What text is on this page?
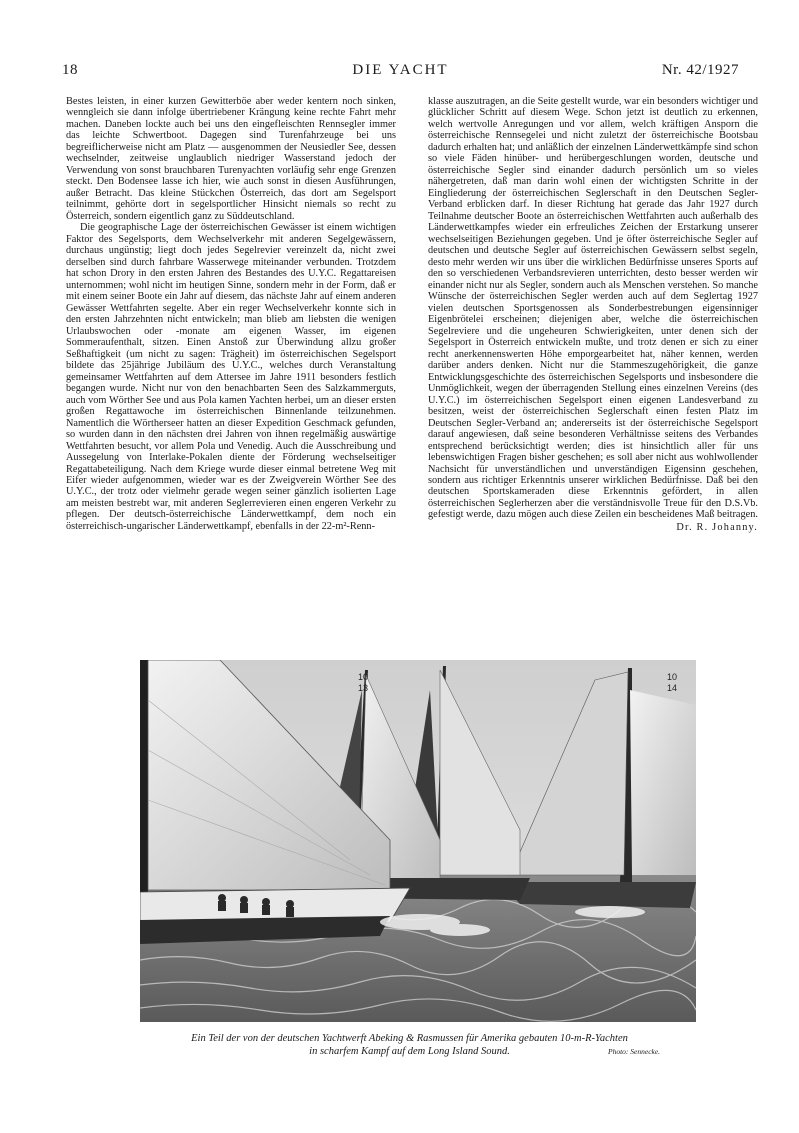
18	DIE YACHT	Nr. 42/1927

Bestes leisten, in einer kurzen Gewitterböe aber weder kentern noch sinken, wenngleich sie dann infolge übertriebener Krängung keine rechte Fahrt mehr machen. Daneben lockte auch bei uns den eingefleischten Rennsegler immer das leichte Schwertboot. Dagegen sind Turenfahrzeuge bei uns begreiflicherweise nicht am Platz — ausgenommen der Neusiedler See, dessen wechselnder, zeitweise unglaublich niedriger Wasserstand jedoch der Verwendung von sonst brauchbaren Turenyachten vorläufig sehr enge Grenzen steckt. Den Bodensee lasse ich hier, wie auch sonst in diesen Ausführungen, außer Betracht. Das kleine Stückchen Österreich, das dort am Segelsport teilnimmt, gehörte dort in segelsportlicher Hinsicht niemals so recht zu Österreich, sondern eigentlich ganz zu Süddeutschland.

Die geographische Lage der österreichischen Gewässer ist einem wichtigen Faktor des Segelsports, dem Wechselverkehr mit anderen Segelgewässern, durchaus ungünstig; liegt doch jedes Segelrevier vereinzelt da, nicht zwei derselben sind durch fahrbare Wasserwege miteinander verbunden. Trotzdem hat schon Drory in den ersten Jahren des Bestandes des U.Y.C. Regattareisen unternommen; wohl nicht im heutigen Sinne, sondern mehr in der Form, daß er mit einem seiner Boote ein Jahr auf diesem, das nächste Jahr auf einem anderen Gewässer Wettfahrten segelte. Aber ein reger Wechselverkehr konnte sich in den ersten Jahrzehnten nicht entwickeln; man blieb am liebsten die wenigen Urlaubswochen oder -monate am eigenen Wasser, im eigenen Sommeraufenthalt, sitzen. Einen Anstoß zur Überwindung allzu großer Seßhaftigkeit (um nicht zu sagen: Trägheit) im österreichischen Segelsport bildete das 25jährige Jubiläum des U.Y.C., welches durch Veranstaltung gemeinsamer Wettfahrten auf dem Attersee im Jahre 1911 besonders festlich begangen wurde. Nicht nur von den benachbarten Seen des Salzkammerguts, auch vom Wörther See und aus Pola kamen Yachten herbei, um an dieser ersten großen Regattawoche im österreichischen Binnenlande teilzunehmen. Namentlich die Wörtherseer hatten an dieser Expedition Geschmack gefunden, so wurden dann in den nächsten drei Jahren von ihnen regelmäßig auswärtige Wettfahrten besucht, vor allem Pola und Venedig. Auch die Ausschreibung und Aussegelung von Interlake-Pokalen diente der Förderung wechselseitiger Regattabeteiligung. Nach dem Kriege wurde dieser einmal betretene Weg mit Eifer wieder aufgenommen, wieder war es der Zweigverein Wörther See des U.Y.C., der trotz oder vielmehr gerade wegen seiner gänzlich isolierten Lage am meisten bestrebt war, mit anderen Seglerrevieren einen engeren Verkehr zu pflegen. Der deutsch-österreichische Länderwettkampf, dem noch ein österreichisch-ungarischer Länderwettkampf, ebenfalls in der 22-m²-Renn-

klasse auszutragen, an die Seite gestellt wurde, war ein besonders wichtiger und glücklicher Schritt auf diesem Wege. Schon jetzt ist deutlich zu erkennen, welch wertvolle Anregungen und vor allem, welch kräftigen Ansporn die österreichische Rennsegelei und nicht zuletzt der österreichische Bootsbau dadurch erhalten hat; und anläßlich der einzelnen Länderwettkämpfe sind schon so viele Fäden hinüber- und herübergeschlungen worden, deutsche und österreichische Segler sind einander dadurch persönlich um so vieles nähergetreten, daß man darin wohl einen der wichtigsten Schritte in der Eingliederung der österreichischen Seglerschaft in den Deutschen Segler-Verband erblicken darf. In dieser Richtung hat gerade das Jahr 1927 durch Teilnahme deutscher Boote an österreichischen Wettfahrten auch außerhalb des Länderwettkampfes wieder ein erfreuliches Zeichen der Erstarkung unserer wechselseitigen Beziehungen gegeben. Und je öfter österreichische Segler auf deutschen und deutsche Segler auf österreichischen Gewässern selbst segeln, desto mehr werden wir uns über die wirklichen Bedürfnisse unseres Sports auf den so verschiedenen Verbandsrevieren unterrichten, desto besser werden wir einander nicht nur als Segler, sondern auch als Menschen verstehen. So manche Wünsche der österreichischen Segler werden auch auf dem Seglertag 1927 vielen deutschen Sportsgenossen als Sonderbestrebungen eigensinniger Eigenbrötelei erscheinen; diejenigen aber, welche die österreichischen Segelreviere und die ungeheuren Schwierigkeiten, unter denen sich der Segelsport in Österreich entwickeln mußte, und trotz denen er sich zu einer recht anerkennenswerten Höhe emporgearbeitet hat, näher kennen, werden darüber anders denken. Nicht nur die Stammeszugehörigkeit, die ganze Entwicklungsgeschichte des österreichischen Segelsports und insbesondere die Unmöglichkeit, wegen der überragenden Stellung eines einzelnen Vereins (des U.Y.C.) im österreichischen Segelsport einen eigenen Landesverband zu besitzen, weist der österreichischen Seglerschaft einen festen Platz im Deutschen Segler-Verband an; andererseits ist der österreichische Segelsport darauf angewiesen, daß seine besonderen Verhältnisse seitens des Verbandes entsprechend berücksichtigt werden; dies ist hinsichtlich aller für uns lebenswichtigen Fragen bisher geschehen; es soll aber nicht aus wohlwollender Nachsicht für unverständlichen und unverständigen Eigensinn geschehen, sondern aus richtiger Erkenntnis unserer wirklichen Bedürfnisse. Daß bei den deutschen Sportskameraden diese Erkenntnis gefördert, in allen österreichischen Seglerherzen aber die verständnisvolle Treue für den D.S.Vb. gefestigt werde, dazu mögen auch diese Zeilen ein bescheidenes Maß beitragen.

Dr. R. Johanny.
10
14
10
13
Ein Teil der von der deutschen Yachtwerft Abeking & Rasmussen für Amerika gebauten 10-m-R-Yachten
in scharfem Kampf auf dem Long Island Sound.	Photo: Sennecke.
